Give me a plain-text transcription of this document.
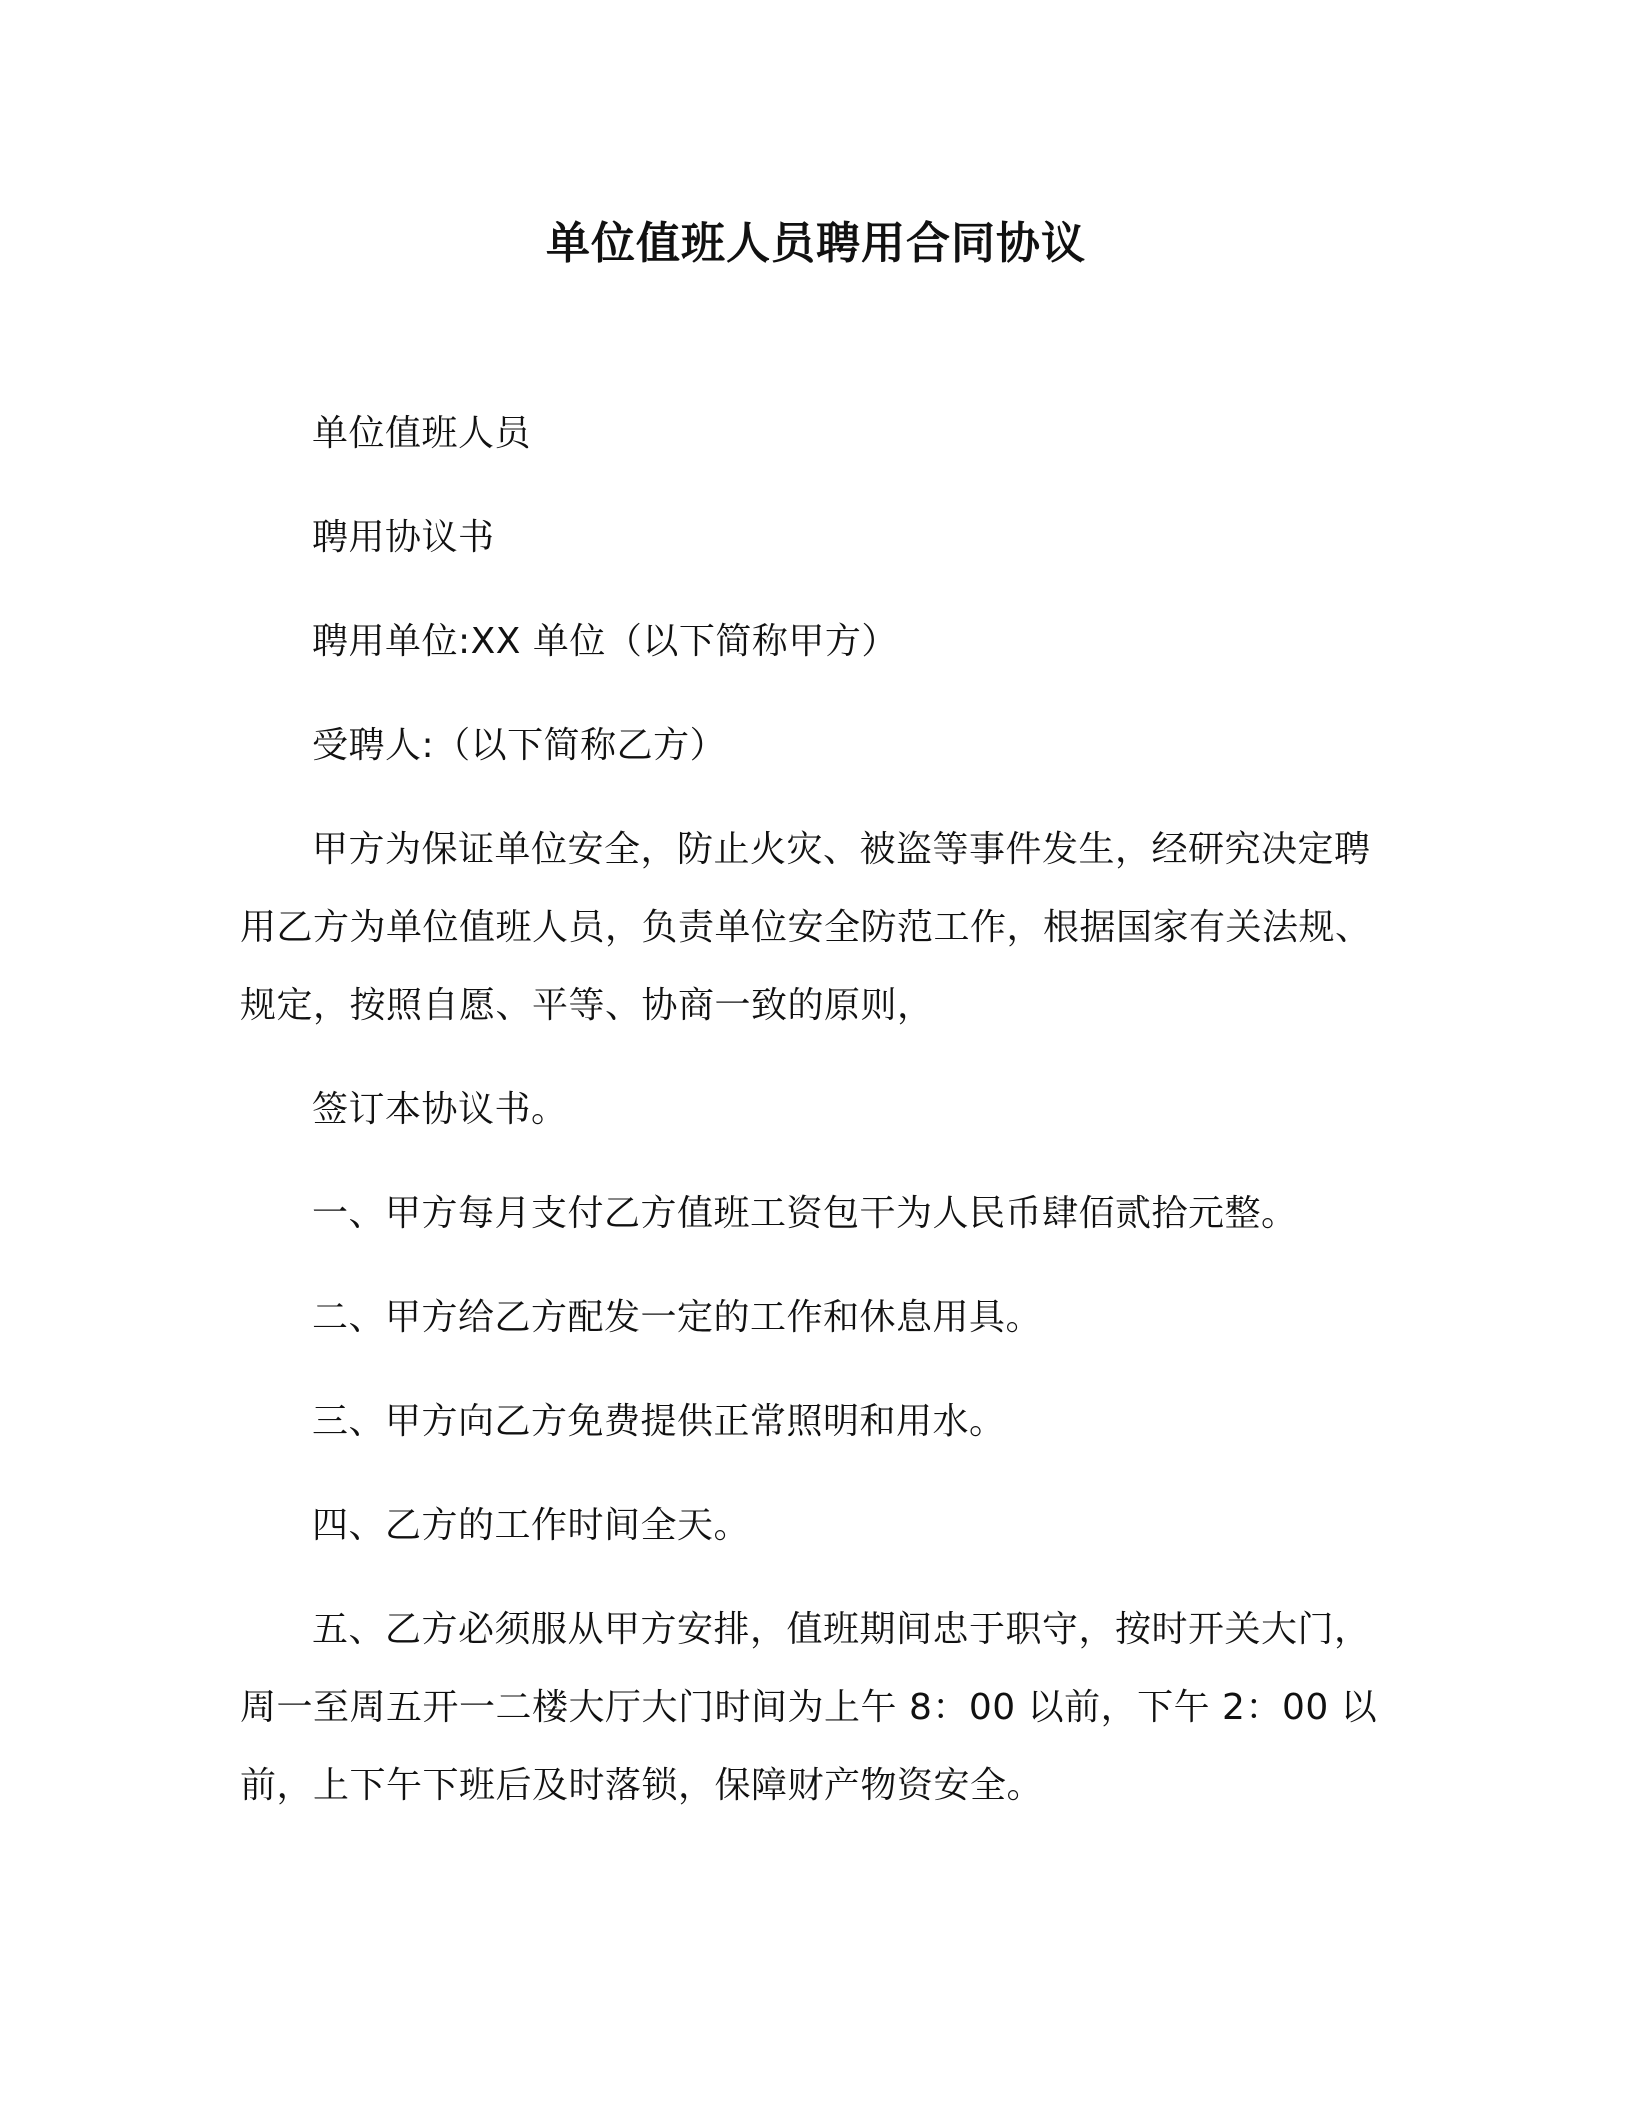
单位值班人员聘用合同协议

单位值班人员

聘用协议书

聘用单位:XX 单位（以下简称甲方）

受聘人:（以下简称乙方）

甲方为保证单位安全，防止火灾、被盗等事件发生，经研究决定聘用乙方为单位值班人员，负责单位安全防范工作，根据国家有关法规、规定，按照自愿、平等、协商一致的原则，

签订本协议书。

一、甲方每月支付乙方值班工资包干为人民币肆佰贰拾元整。

二、甲方给乙方配发一定的工作和休息用具。

三、甲方向乙方免费提供正常照明和用水。

四、乙方的工作时间全天。

五、乙方必须服从甲方安排，值班期间忠于职守，按时开关大门，周一至周五开一二楼大厅大门时间为上午 8：00 以前，下午 2：00 以前，上下午下班后及时落锁，保障财产物资安全。
